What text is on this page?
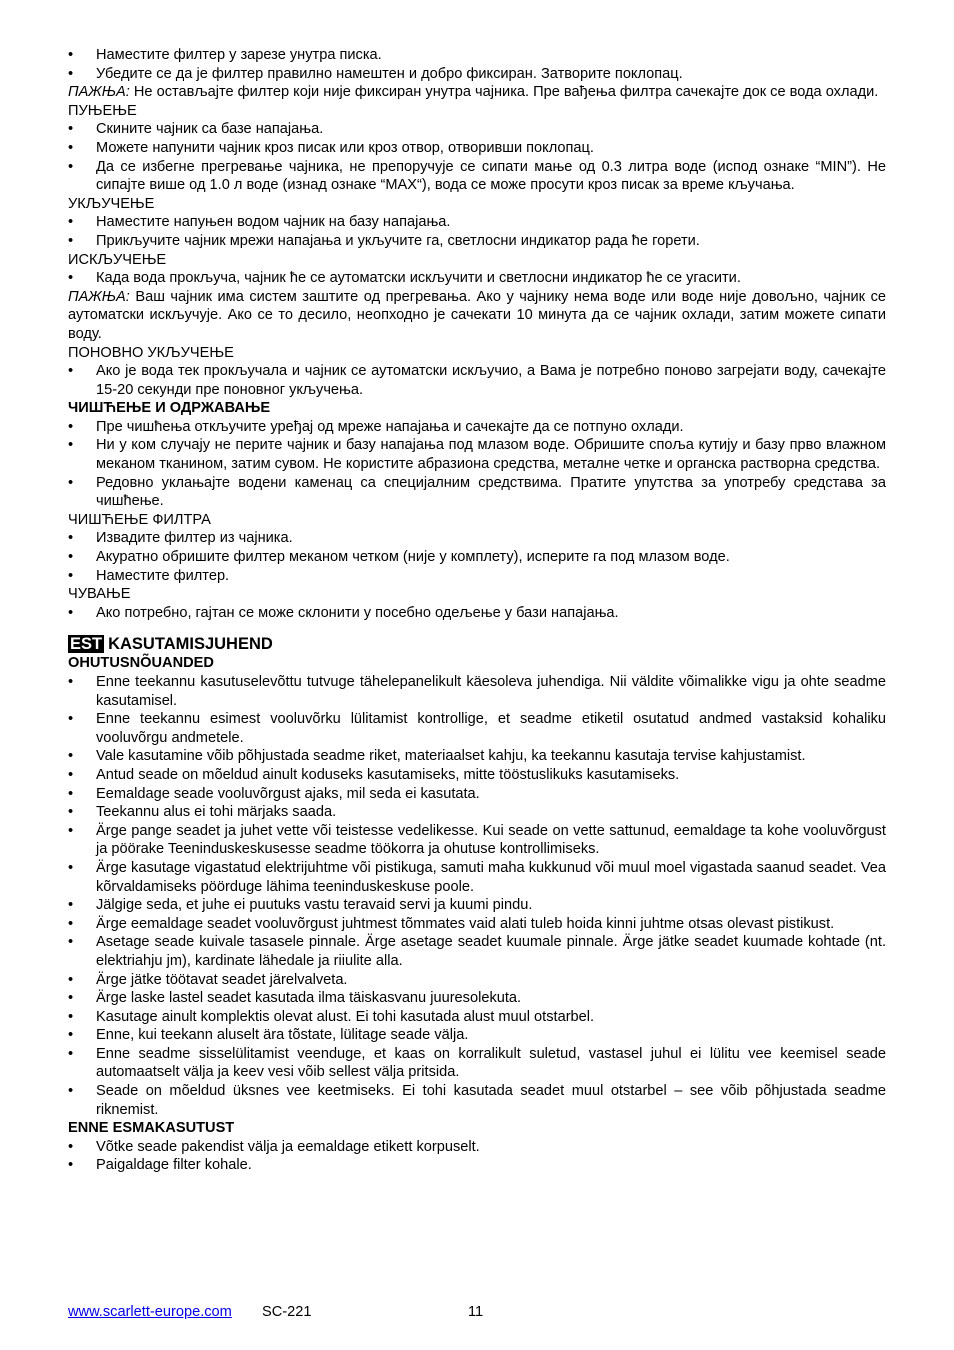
• Наместите филтер у зарезе унутра писка.
• Убедите се да је филтер правилно намештен и добро фиксиран. Затворите поклопац.
ПАЖЊА: Не остављајте филтер који није фиксиран унутра чајника. Пре вађења филтра сачекајте док се вода охлади.
ПУЊЕЊЕ
• Скините чајник са базе напајања.
• Можете напунити чајник кроз писак или кроз отвор, отворивши поклопац.
• Да се избегне прегревање чајника, не препоручује се сипати мање од 0.3 литра воде (испод ознаке “MIN”). Не сипајте више од 1.0 л воде (изнад ознаке “MAX“), вода се може просути кроз писак за време кључања.
УКЉУЧЕЊЕ
• Наместите напуњен водом чајник на базу напајања.
• Прикључите чајник мрежи напајања и укључите га, светлосни индикатор рада ће горети.
ИСКЉУЧЕЊЕ
• Када вода прокључа, чајник ће се аутоматски искључити и светлосни индикатор ће се угасити.
ПАЖЊА: Ваш чајник има систем заштите од прегревања. Ако у чајнику нема воде или воде није довољно, чајник се аутоматски искључује. Ако се то десило, неопходно је сачекати 10 минута да се чајник охлади, затим можете сипати воду.
ПОНОВНО УКЉУЧЕЊЕ
• Ако је вода тек прокључала и чајник се аутоматски искључио, а Вама је потребно поново загрејати воду, сачекајте 15-20 секунди пре поновног укључења.
ЧИШЋЕЊЕ И ОДРЖАВАЊЕ
• Пре чишћења откључите уређај од мреже напајања и сачекајте да се потпуно охлади.
• Ни у ком случају не перите чајник и базу напајања под млазом воде. Обришите споља кутију и базу прво влажном меканом тканином, затим сувом. Не користите абразиона средства, металне четке и органска растворна средства.
• Редовно уклањајте водени каменац са специјалним средствима. Пратите упутства за употребу средстава за чишћење.
ЧИШЋЕЊЕ ФИЛТРА
• Извадите филтер из чајника.
• Акуратно обришите филтер меканом четком (није у комплету), исперите га под млазом воде.
• Наместите филтер.
ЧУВАЊЕ
• Ако потребно, гајтан се може склонити у посебно одељење у бази напајања.
EST KASUTAMISJUHEND
OHUTUSNÕUANDED
• Enne teekannu kasutuselevõttu tutvuge tähelepanelikult käesoleva juhendiga. Nii väldite võimalikke vigu ja ohte seadme kasutamisel.
• Enne teekannu esimest vooluvõrku lülitamist kontrollige, et seadme etiketil osutatud andmed vastaksid kohaliku vooluvõrgu andmetele.
• Vale kasutamine võib põhjustada seadme riket, materiaalset kahju, ka teekannu kasutaja tervise kahjustamist.
• Antud seade on mõeldud ainult koduseks kasutamiseks, mitte tööstuslikuks kasutamiseks.
• Eemaldage seade vooluvõrgust ajaks, mil seda ei kasutata.
• Teekannu alus ei tohi märjaks saada.
• Ärge pange seadet ja juhet vette või teistesse vedelikesse. Kui seade on vette sattunud, eemaldage ta kohe vooluvõrgust ja pöörake Teeninduskeskusesse seadme töökorra ja ohutuse kontrollimiseks.
• Ärge kasutage vigastatud elektrijuhtme või pistikuga, samuti maha kukkunud või muul moel vigastada saanud seadet. Vea kõrvaldamiseks pöörduge lähima teeninduskeskuse poole.
• Jälgige seda, et juhe ei puutuks vastu teravaid servi ja kuumi pindu.
• Ärge eemaldage seadet vooluvõrgust juhtmest tõmmates vaid alati tuleb hoida kinni juhtme otsas olevast pistikust.
• Asetage seade kuivale tasasele pinnale. Ärge asetage seadet kuumale pinnale. Ärge jätke seadet kuumade kohtade (nt. elektriahju jm), kardinate lähedale ja riiulite alla.
• Ärge jätke töötavat seadet järelvalveta.
• Ärge laske lastel seadet kasutada ilma täiskasvanu juuresolekuta.
• Kasutage ainult komplektis olevat alust. Ei tohi kasutada alust muul otstarbel.
• Enne, kui teekann aluselt ära tõstate, lülitage seade välja.
• Enne seadme sisselülitamist veenduge, et kaas on korralikult suletud, vastasel juhul ei lülitu vee keemisel seade automaatselt välja ja keev vesi võib sellest välja pritsida.
• Seade on mõeldud üksnes vee keetmiseks. Ei tohi kasutada seadet muul otstarbel – see võib põhjustada seadme riknemist.
ENNE ESMAKASUTUST
• Võtke seade pakendist välja ja eemaldage etikett korpuselt.
• Paigaldage filter kohale.
www.scarlett-europe.com SC-221	11
